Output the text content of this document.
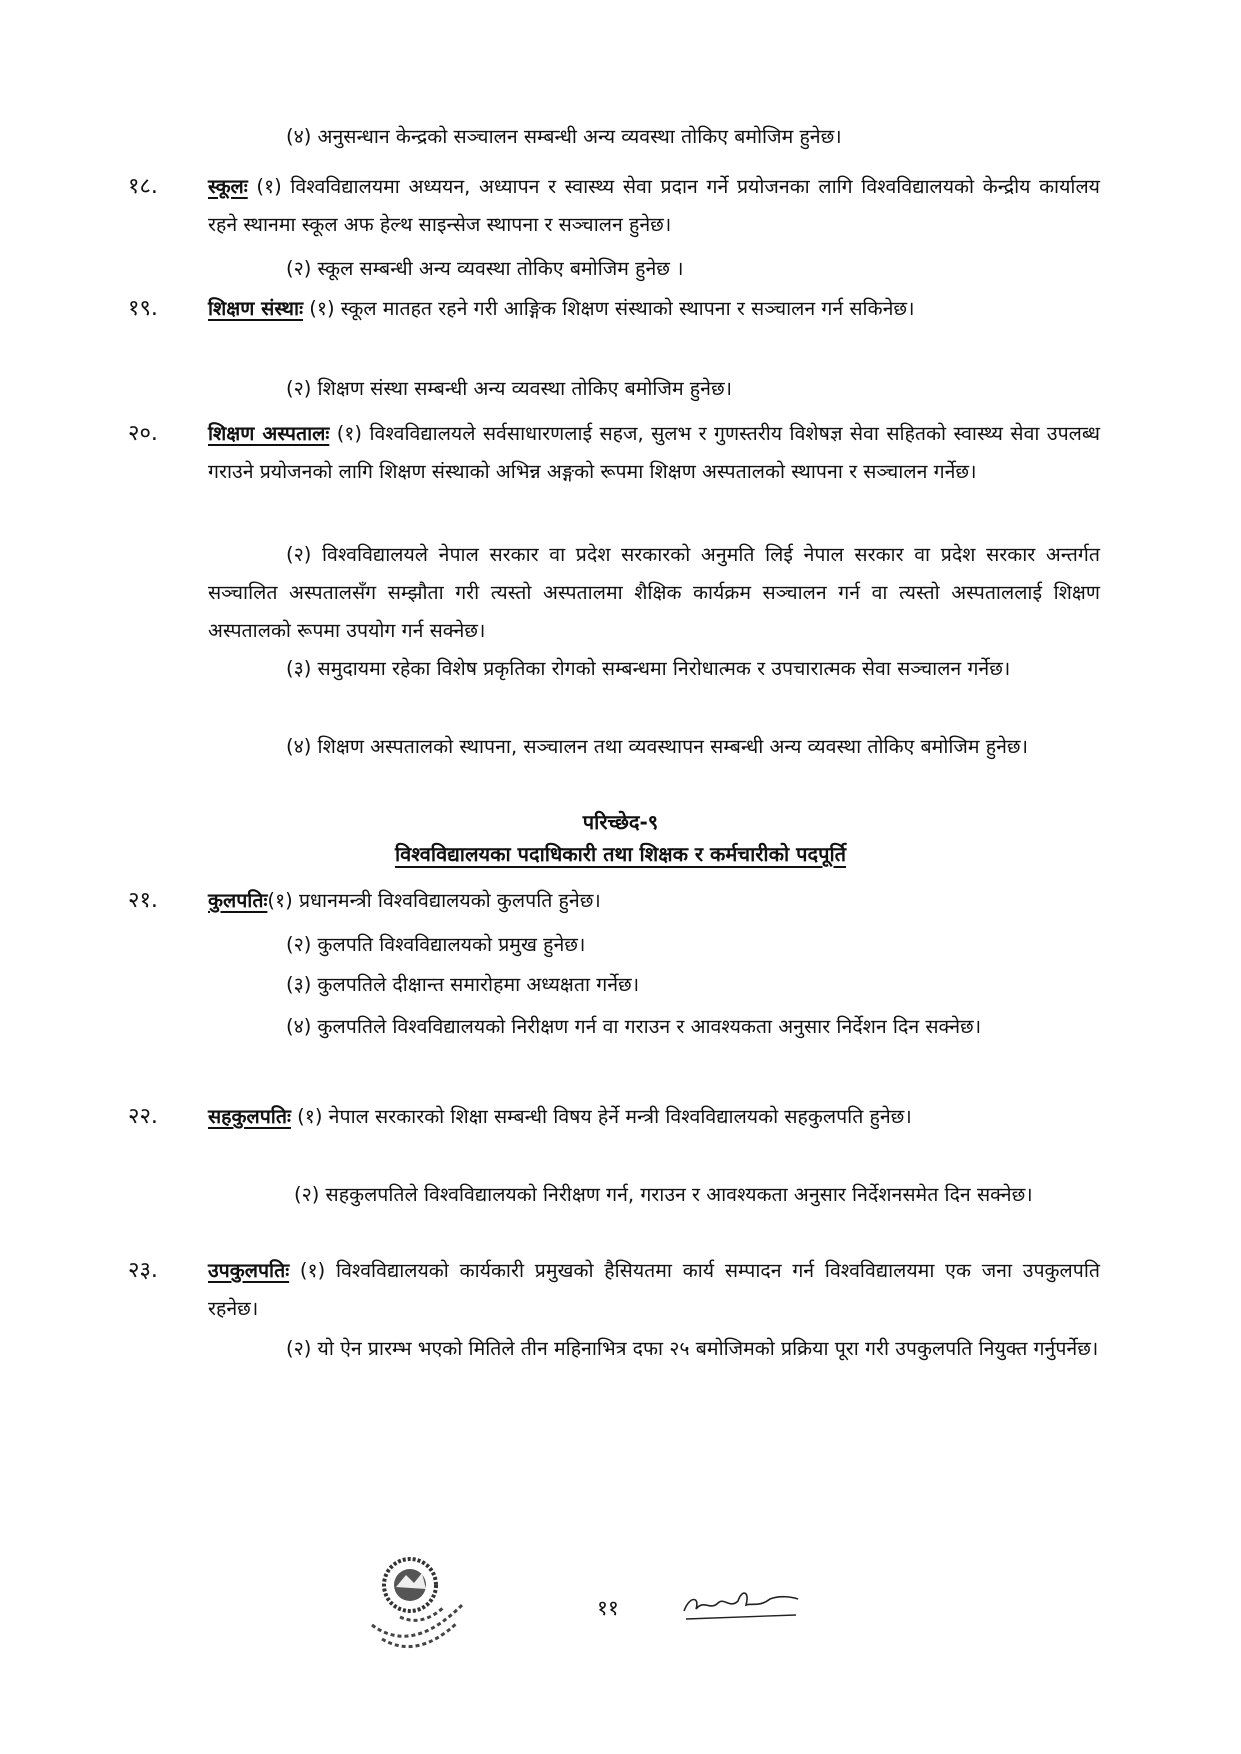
(४) अनुसन्धान केन्द्रको सञ्चालन सम्बन्धी अन्य व्यवस्था तोकिए बमोजिम हुनेछ।
१८.	स्कूलः (१) विश्वविद्यालयमा अध्ययन, अध्यापन र स्वास्थ्य सेवा प्रदान गर्ने प्रयोजनका लागि विश्वविद्यालयको केन्द्रीय कार्यालय रहने स्थानमा स्कूल अफ हेल्थ साइन्सेज स्थापना र सञ्चालन हुनेछ।
(२) स्कूल सम्बन्धी अन्य व्यवस्था तोकिए बमोजिम हुनेछ ।
१९.	शिक्षण संस्थाः (१) स्कूल मातहत रहने गरी आङ्गिक शिक्षण संस्थाको स्थापना र सञ्चालन गर्न सकिनेछ।
(२) शिक्षण संस्था सम्बन्धी अन्य व्यवस्था तोकिए बमोजिम हुनेछ।
२०.	शिक्षण अस्पतालः (१) विश्वविद्यालयले सर्वसाधारणलाई सहज, सुलभ र गुणस्तरीय विशेषज्ञ सेवा सहितको स्वास्थ्य सेवा उपलब्ध गराउने प्रयोजनको लागि शिक्षण संस्थाको अभिन्न अङ्गको रूपमा शिक्षण अस्पतालको स्थापना र सञ्चालन गर्नेछ।
(२) विश्वविद्यालयले नेपाल सरकार वा प्रदेश सरकारको अनुमति लिई नेपाल सरकार वा प्रदेश सरकार अन्तर्गत सञ्चालित अस्पतालसँग सम्झौता गरी त्यस्तो अस्पतालमा शैक्षिक कार्यक्रम सञ्चालन गर्न वा त्यस्तो अस्पताललाई शिक्षण अस्पतालको रूपमा उपयोग गर्न सक्नेछ।
(३) समुदायमा रहेका विशेष प्रकृतिका रोगको सम्बन्धमा निरोधात्मक र उपचारात्मक सेवा सञ्चालन गर्नेछ।
(४) शिक्षण अस्पतालको स्थापना, सञ्चालन तथा व्यवस्थापन सम्बन्धी अन्य व्यवस्था तोकिए बमोजिम हुनेछ।
परिच्छेद-९
विश्वविद्यालयका पदाधिकारी तथा शिक्षक र कर्मचारीको पदपूर्ति
२१.	कुलपतिः(१) प्रधानमन्त्री विश्वविद्यालयको कुलपति हुनेछ।
(२) कुलपति विश्वविद्यालयको प्रमुख हुनेछ।
(३) कुलपतिले दीक्षान्त समारोहमा अध्यक्षता गर्नेछ।
(४) कुलपतिले विश्वविद्यालयको निरीक्षण गर्न वा गराउन र आवश्यकता अनुसार निर्देशन दिन सक्नेछ।
२२.	सहकुलपतिः (१) नेपाल सरकारको शिक्षा सम्बन्धी विषय हेर्ने मन्त्री विश्वविद्यालयको सहकुलपति हुनेछ।
(२) सहकुलपतिले विश्वविद्यालयको निरीक्षण गर्न, गराउन र आवश्यकता अनुसार निर्देशनसमेत दिन सक्नेछ।
२३.	उपकुलपतिः (१) विश्वविद्यालयको कार्यकारी प्रमुखको हैसियतमा कार्य सम्पादन गर्न विश्वविद्यालयमा एक जना उपकुलपति रहनेछ।
(२) यो ऐन प्रारम्भ भएको मितिले तीन महिनाभित्र दफा २५ बमोजिमको प्रक्रिया पूरा गरी उपकुलपति नियुक्त गर्नुपर्नेछ।
११
